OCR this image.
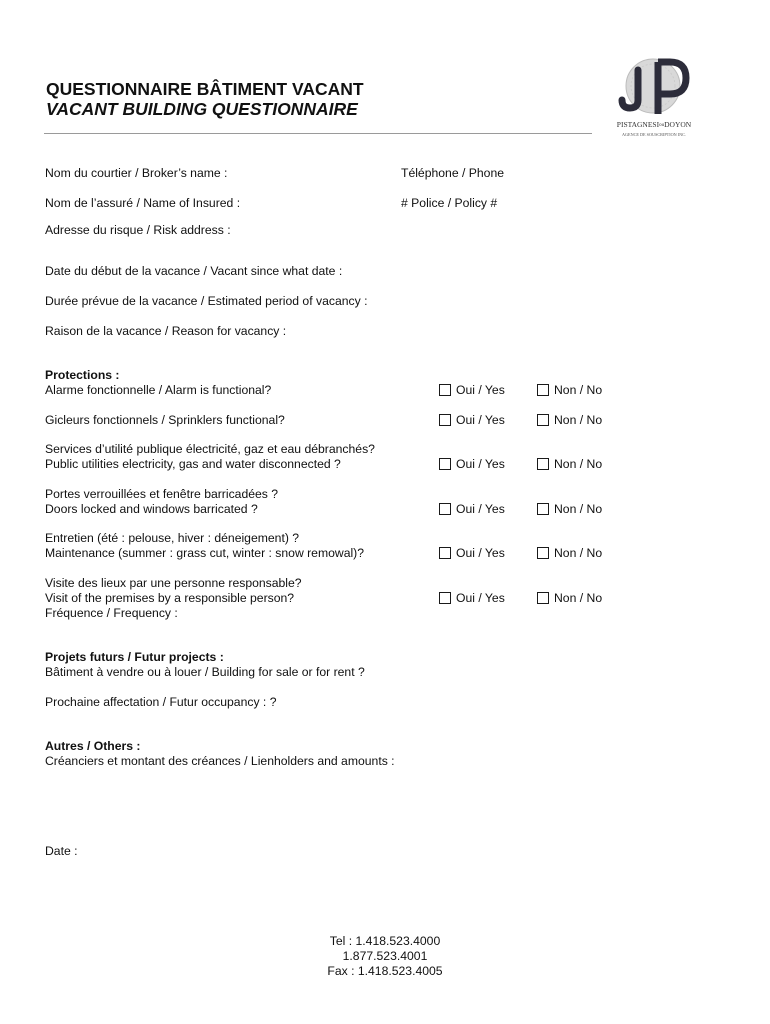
QUESTIONNAIRE BÂTIMENT VACANT
VACANT BUILDING QUESTIONNAIRE
PISTAGNESIouDOYON
AGENCE DE SOUSCRIPTION INC.
Nom du courtier / Broker’s name :	Téléphone / Phone
Nom de l’assuré / Name of Insured :	# Police / Policy #
Adresse du risque / Risk address :
Date du début de la vacance / Vacant since what date :
Durée prévue de la vacance / Estimated period of vacancy :
Raison de la vacance / Reason for vacancy :
Protections :
Alarme fonctionnelle / Alarm is functional?	Oui / Yes	Non / No
Gicleurs fonctionnels / Sprinklers functional?	Oui / Yes	Non / No
Services d’utilité publique électricité, gaz et eau débranchés?
Public utilities electricity, gas and water disconnected ?	Oui / Yes	Non / No
Portes verrouillées et fenêtre barricadées ?
Doors locked and windows barricated ?	Oui / Yes	Non / No
Entretien (été : pelouse, hiver : déneigement) ?
Maintenance (summer : grass cut, winter : snow remowal)?	Oui / Yes	Non / No
Visite des lieux par une personne responsable?
Visit of the premises by a responsible person?	Oui / Yes	Non / No
Fréquence / Frequency :
Projets futurs / Futur projects :
Bâtiment à vendre ou à louer / Building for sale or for rent ?
Prochaine affectation / Futur occupancy : ?
Autres / Others :
Créanciers et montant des créances / Lienholders and amounts :
Date :
Tel : 1.418.523.4000
1.877.523.4001
Fax : 1.418.523.4005
